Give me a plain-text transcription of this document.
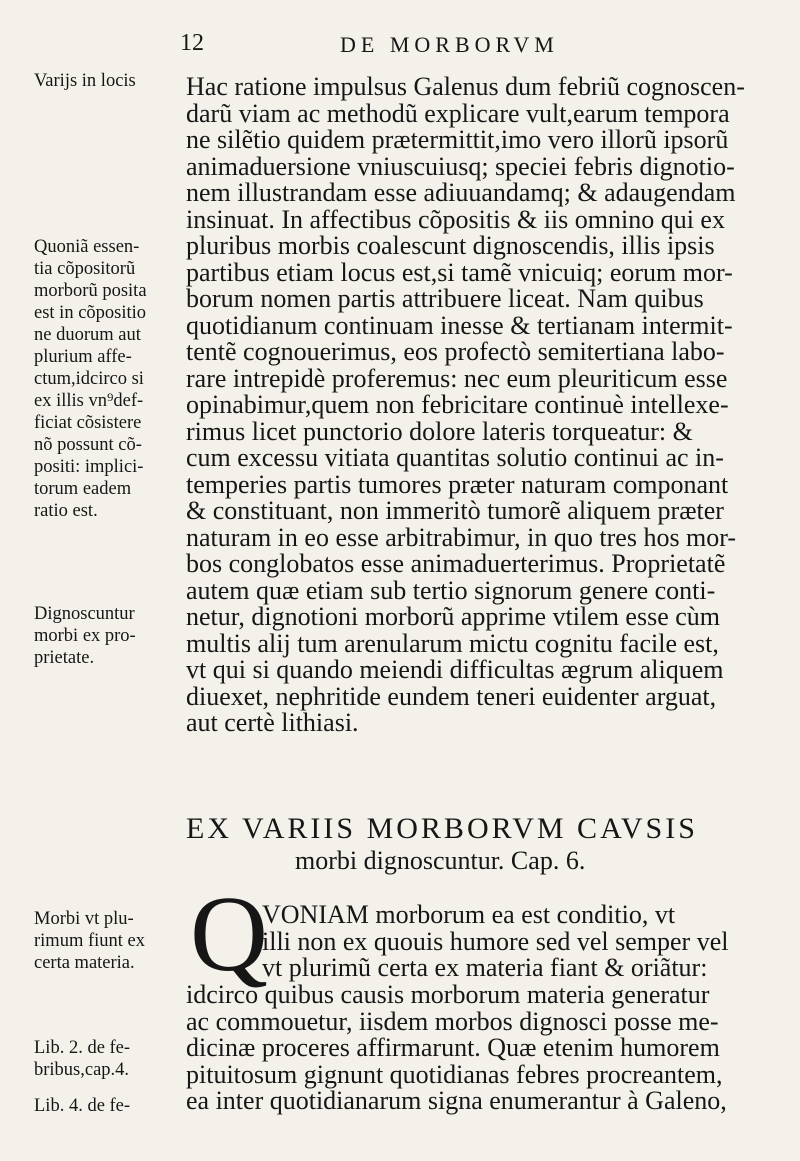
12	DE MORBORVM
Varijs in locis
Quoniã essen-
tia cõpositorũ
morborũ posita
est in cõpositio
ne duorum aut
plurium affe-
ctum,idcirco si
ex illis vn⁹def-
ficiat cõsistere
nõ possunt cõ-
positi: implici-
torum eadem
ratio est.
Dignoscuntur
morbi ex pro-
prietate.
Morbi vt plu-
rimum fiunt ex
certa materia.
Lib. 2. de fe-
bribus,cap.4.
Lib. 4. de fe-
Hac ratione impulsus Galenus dum febriũ cognoscen-
darũ viam ac methodũ explicare vult,earum tempora
ne silẽtio quidem prætermittit,imo vero illorũ ipsorũ
animaduersione vniuscuiusq; speciei febris dignotio-
nem illustrandam esse adiuuandamq; & adaugendam
insinuat. In affectibus cõpositis & iis omnino qui ex
pluribus morbis coalescunt dignoscendis, illis ipsis
partibus etiam locus est,si tamẽ vnicuiq; eorum mor-
borum nomen partis attribuere liceat. Nam quibus
quotidianum continuam inesse & tertianam intermit-
tentẽ cognouerimus, eos profectò semitertiana labo-
rare intrepidè proferemus: nec eum pleuriticum esse
opinabimur,quem non febricitare continuè intellexe-
rimus licet punctorio dolore lateris torqueatur: &
cum excessu vitiata quantitas solutio continui ac in-
temperies partis tumores præter naturam componant
& constituant, non immeritò tumorẽ aliquem præter
naturam in eo esse arbitrabimur, in quo tres hos mor-
bos conglobatos esse animaduerterimus. Proprietatẽ
autem quæ etiam sub tertio signorum genere conti-
netur, dignotioni morborũ apprime vtilem esse cùm
multis alij tum arenularum mictu cognitu facile est,
vt qui si quando meiendi difficultas ægrum aliquem
diuexet, nephritide eundem teneri euidenter arguat,
aut certè lithiasi.
EX VARIIS MORBORVM CAVSIS
morbi dignoscuntur. Cap. 6.
Q
VONIAM morborum ea est conditio, vt
illi non ex quouis humore sed vel semper vel
vt plurimũ certa ex materia fiant & oriãtur:
idcirco quibus causis morborum materia generatur
ac commouetur, iisdem morbos dignosci posse me-
dicinæ proceres affirmarunt. Quæ etenim humorem
pituitosum gignunt quotidianas febres procreantem,
ea inter quotidianarum signa enumerantur à Galeno,
